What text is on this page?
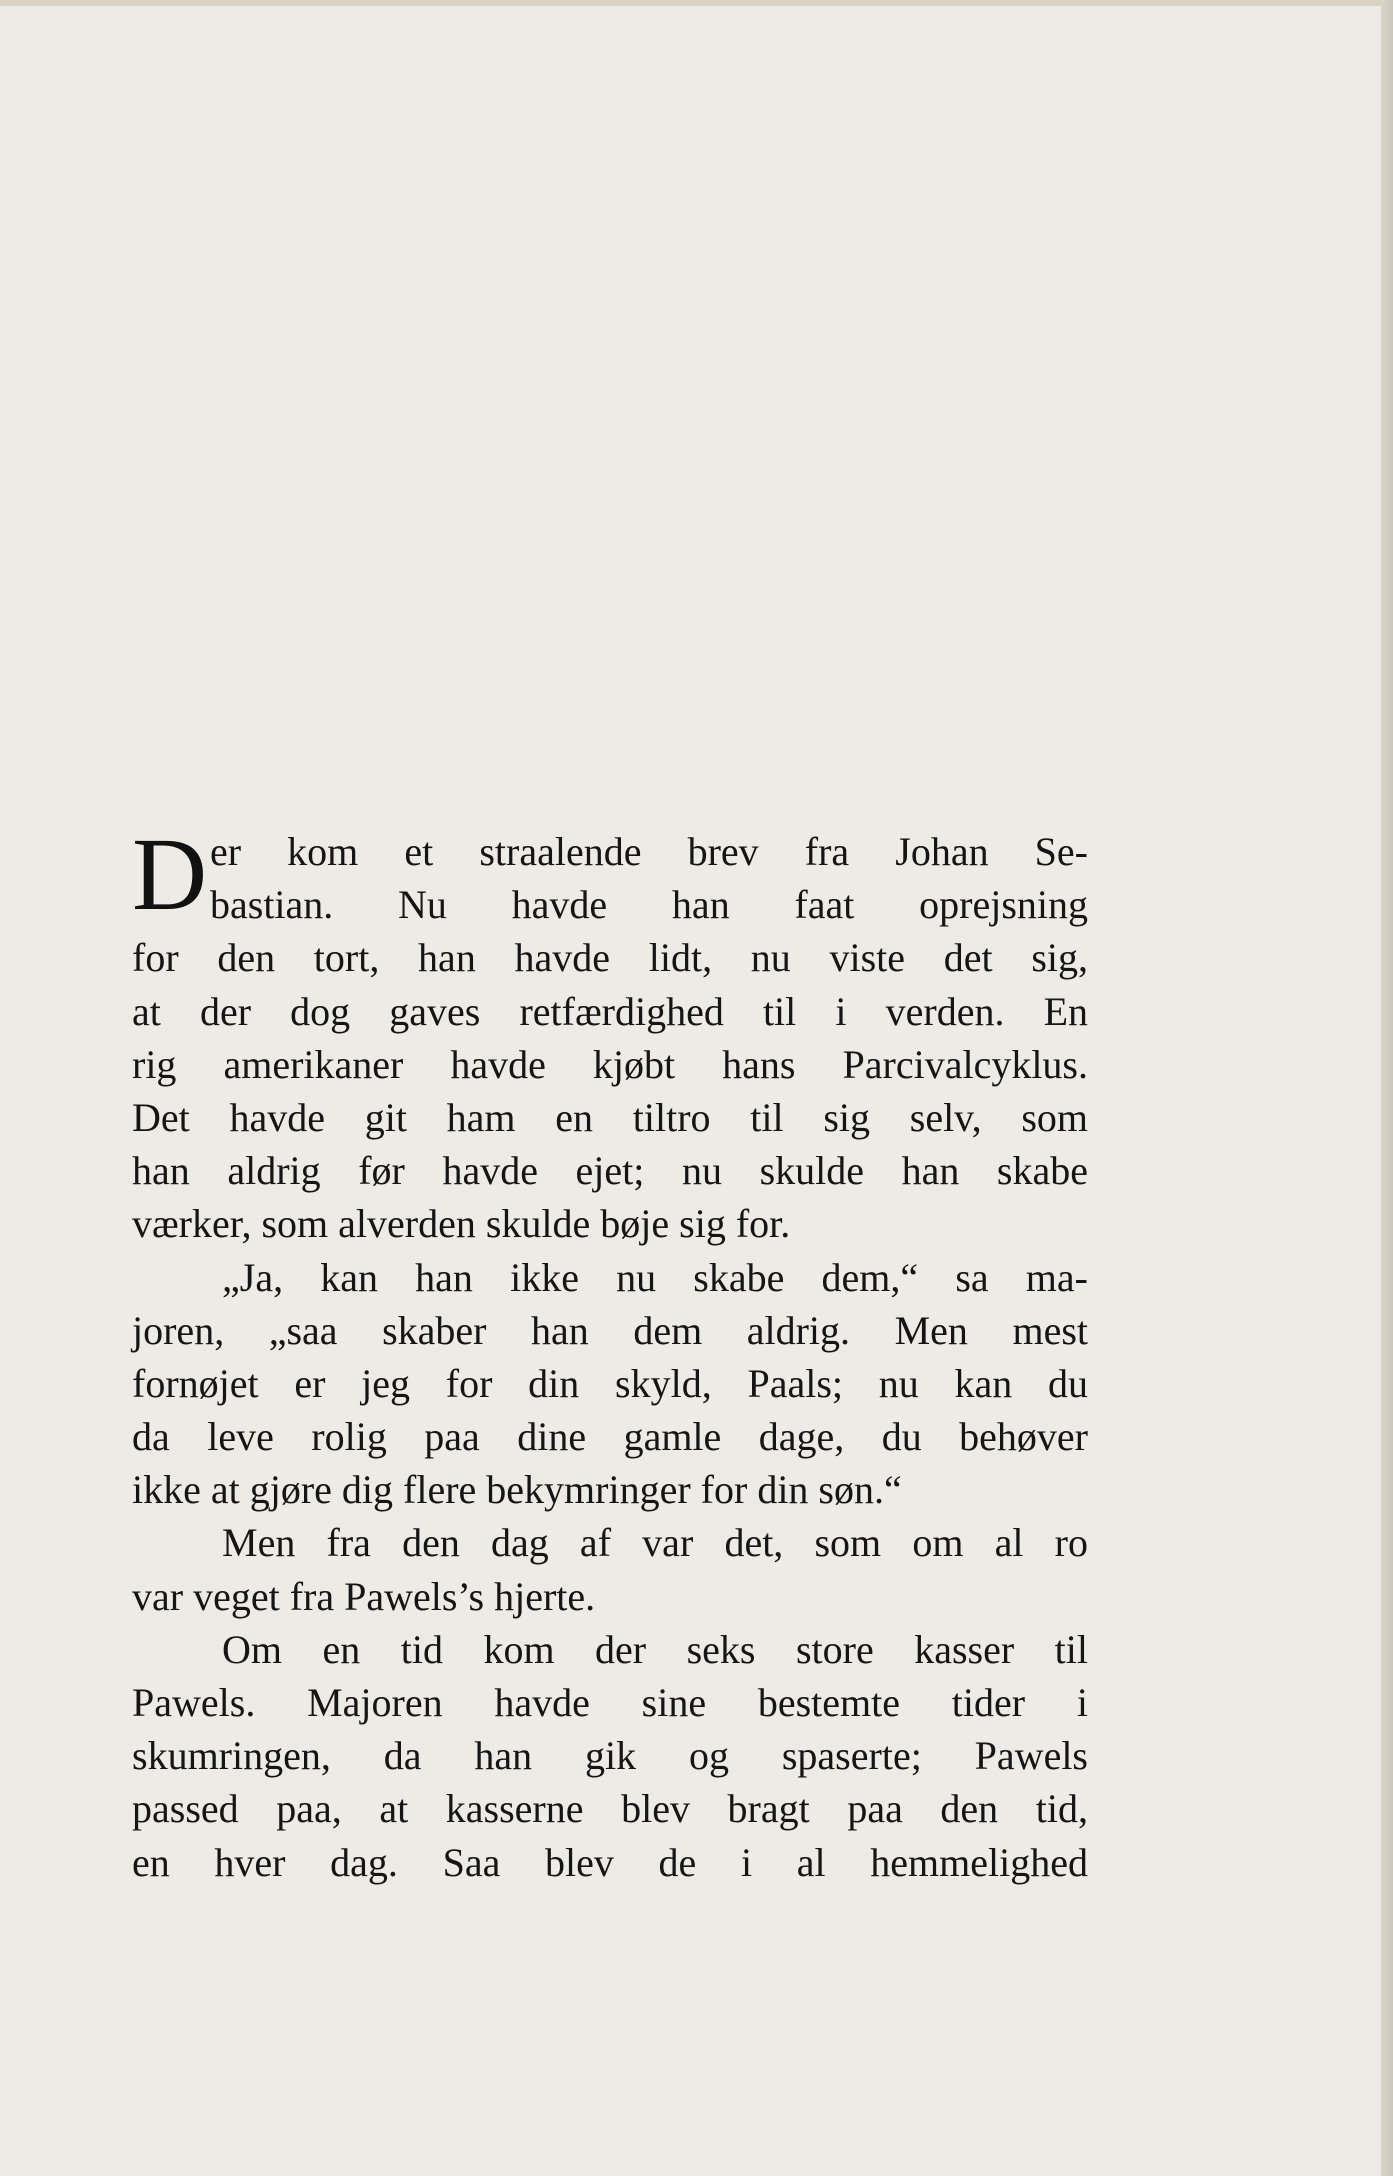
D er kom et straalende brev fra Johan Se-
bastian. Nu havde han faat oprejsning
for den tort, han havde lidt, nu viste det sig,
at der dog gaves retfærdighed til i verden. En
rig amerikaner havde kjøbt hans Parcivalcyklus.
Det havde git ham en tiltro til sig selv, som
han aldrig før havde ejet; nu skulde han skabe
værker, som alverden skulde bøje sig for.
„Ja, kan han ikke nu skabe dem,“ sa ma-
joren, „saa skaber han dem aldrig. Men mest
fornøjet er jeg for din skyld, Paals; nu kan du
da leve rolig paa dine gamle dage, du behøver
ikke at gjøre dig flere bekymringer for din søn.“
Men fra den dag af var det, som om al ro
var veget fra Pawels’s hjerte.
Om en tid kom der seks store kasser til
Pawels. Majoren havde sine bestemte tider i
skumringen, da han gik og spaserte; Pawels
passed paa, at kasserne blev bragt paa den tid,
en hver dag. Saa blev de i al hemmelighed
